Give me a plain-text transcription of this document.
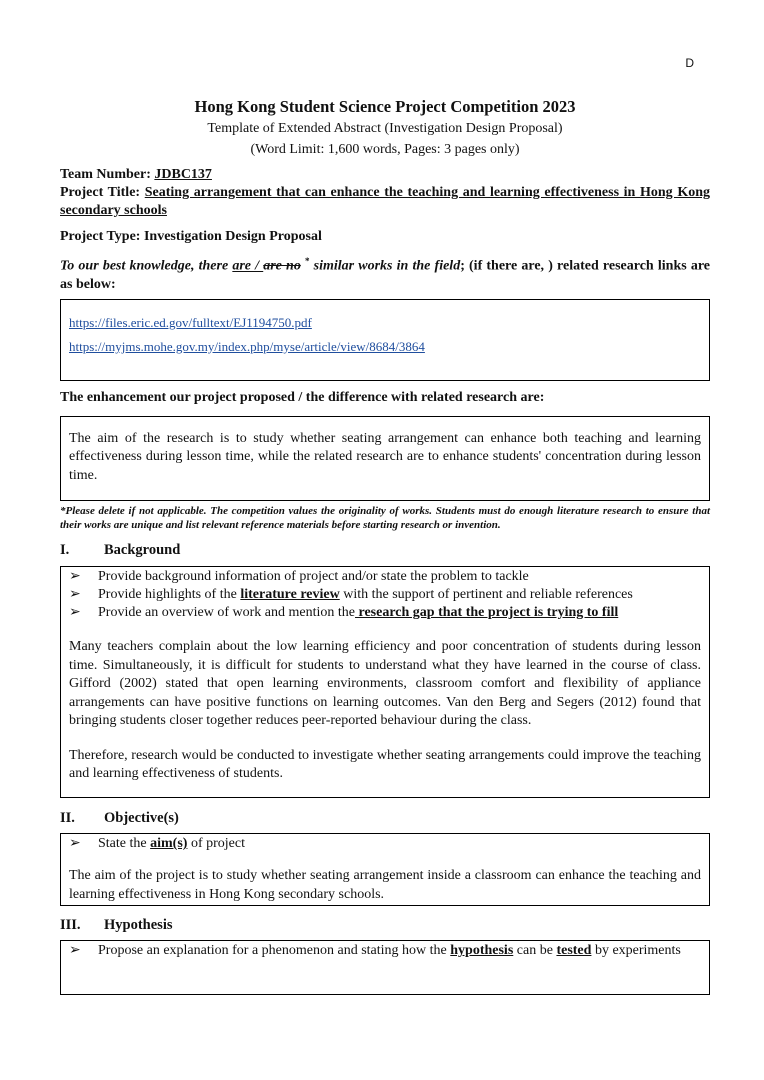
D
Hong Kong Student Science Project Competition 2023
Template of Extended Abstract (Investigation Design Proposal)
(Word Limit: 1,600 words, Pages: 3 pages only)
Team Number: JDBC137
Project Title: Seating arrangement that can enhance the teaching and learning effectiveness in Hong Kong secondary schools
Project Type: Investigation Design Proposal
To our best knowledge, there are / are no * similar works in the field; (if there are, ) related research links are as below:
https://files.eric.ed.gov/fulltext/EJ1194750.pdf
https://myjms.mohe.gov.my/index.php/myse/article/view/8684/3864
The enhancement our project proposed / the difference with related research are:
The aim of the research is to study whether seating arrangement can enhance both teaching and learning effectiveness during lesson time, while the related research are to enhance students' concentration during lesson time.
*Please delete if not applicable. The competition values the originality of works. Students must do enough literature research to ensure that their works are unique and list relevant reference materials before starting research or invention.
I.	Background
➢	Provide background information of project and/or state the problem to tackle
➢	Provide highlights of the literature review with the support of pertinent and reliable references
➢	Provide an overview of work and mention the research gap that the project is trying to fill
Many teachers complain about the low learning efficiency and poor concentration of students during lesson time. Simultaneously, it is difficult for students to understand what they have learned in the course of class. Gifford (2002) stated that open learning environments, classroom comfort and flexibility of appliance arrangements can have positive functions on learning outcomes. Van den Berg and Segers (2012) found that bringing students closer together reduces peer-reported behaviour during the class.
Therefore, research would be conducted to investigate whether seating arrangements could improve the teaching and learning effectiveness of students.
II.	Objective(s)
➢	State the aim(s) of project
The aim of the project is to study whether seating arrangement inside a classroom can enhance the teaching and learning effectiveness in Hong Kong secondary schools.
III.	Hypothesis
➢	Propose an explanation for a phenomenon and stating how the hypothesis can be tested by experiments
